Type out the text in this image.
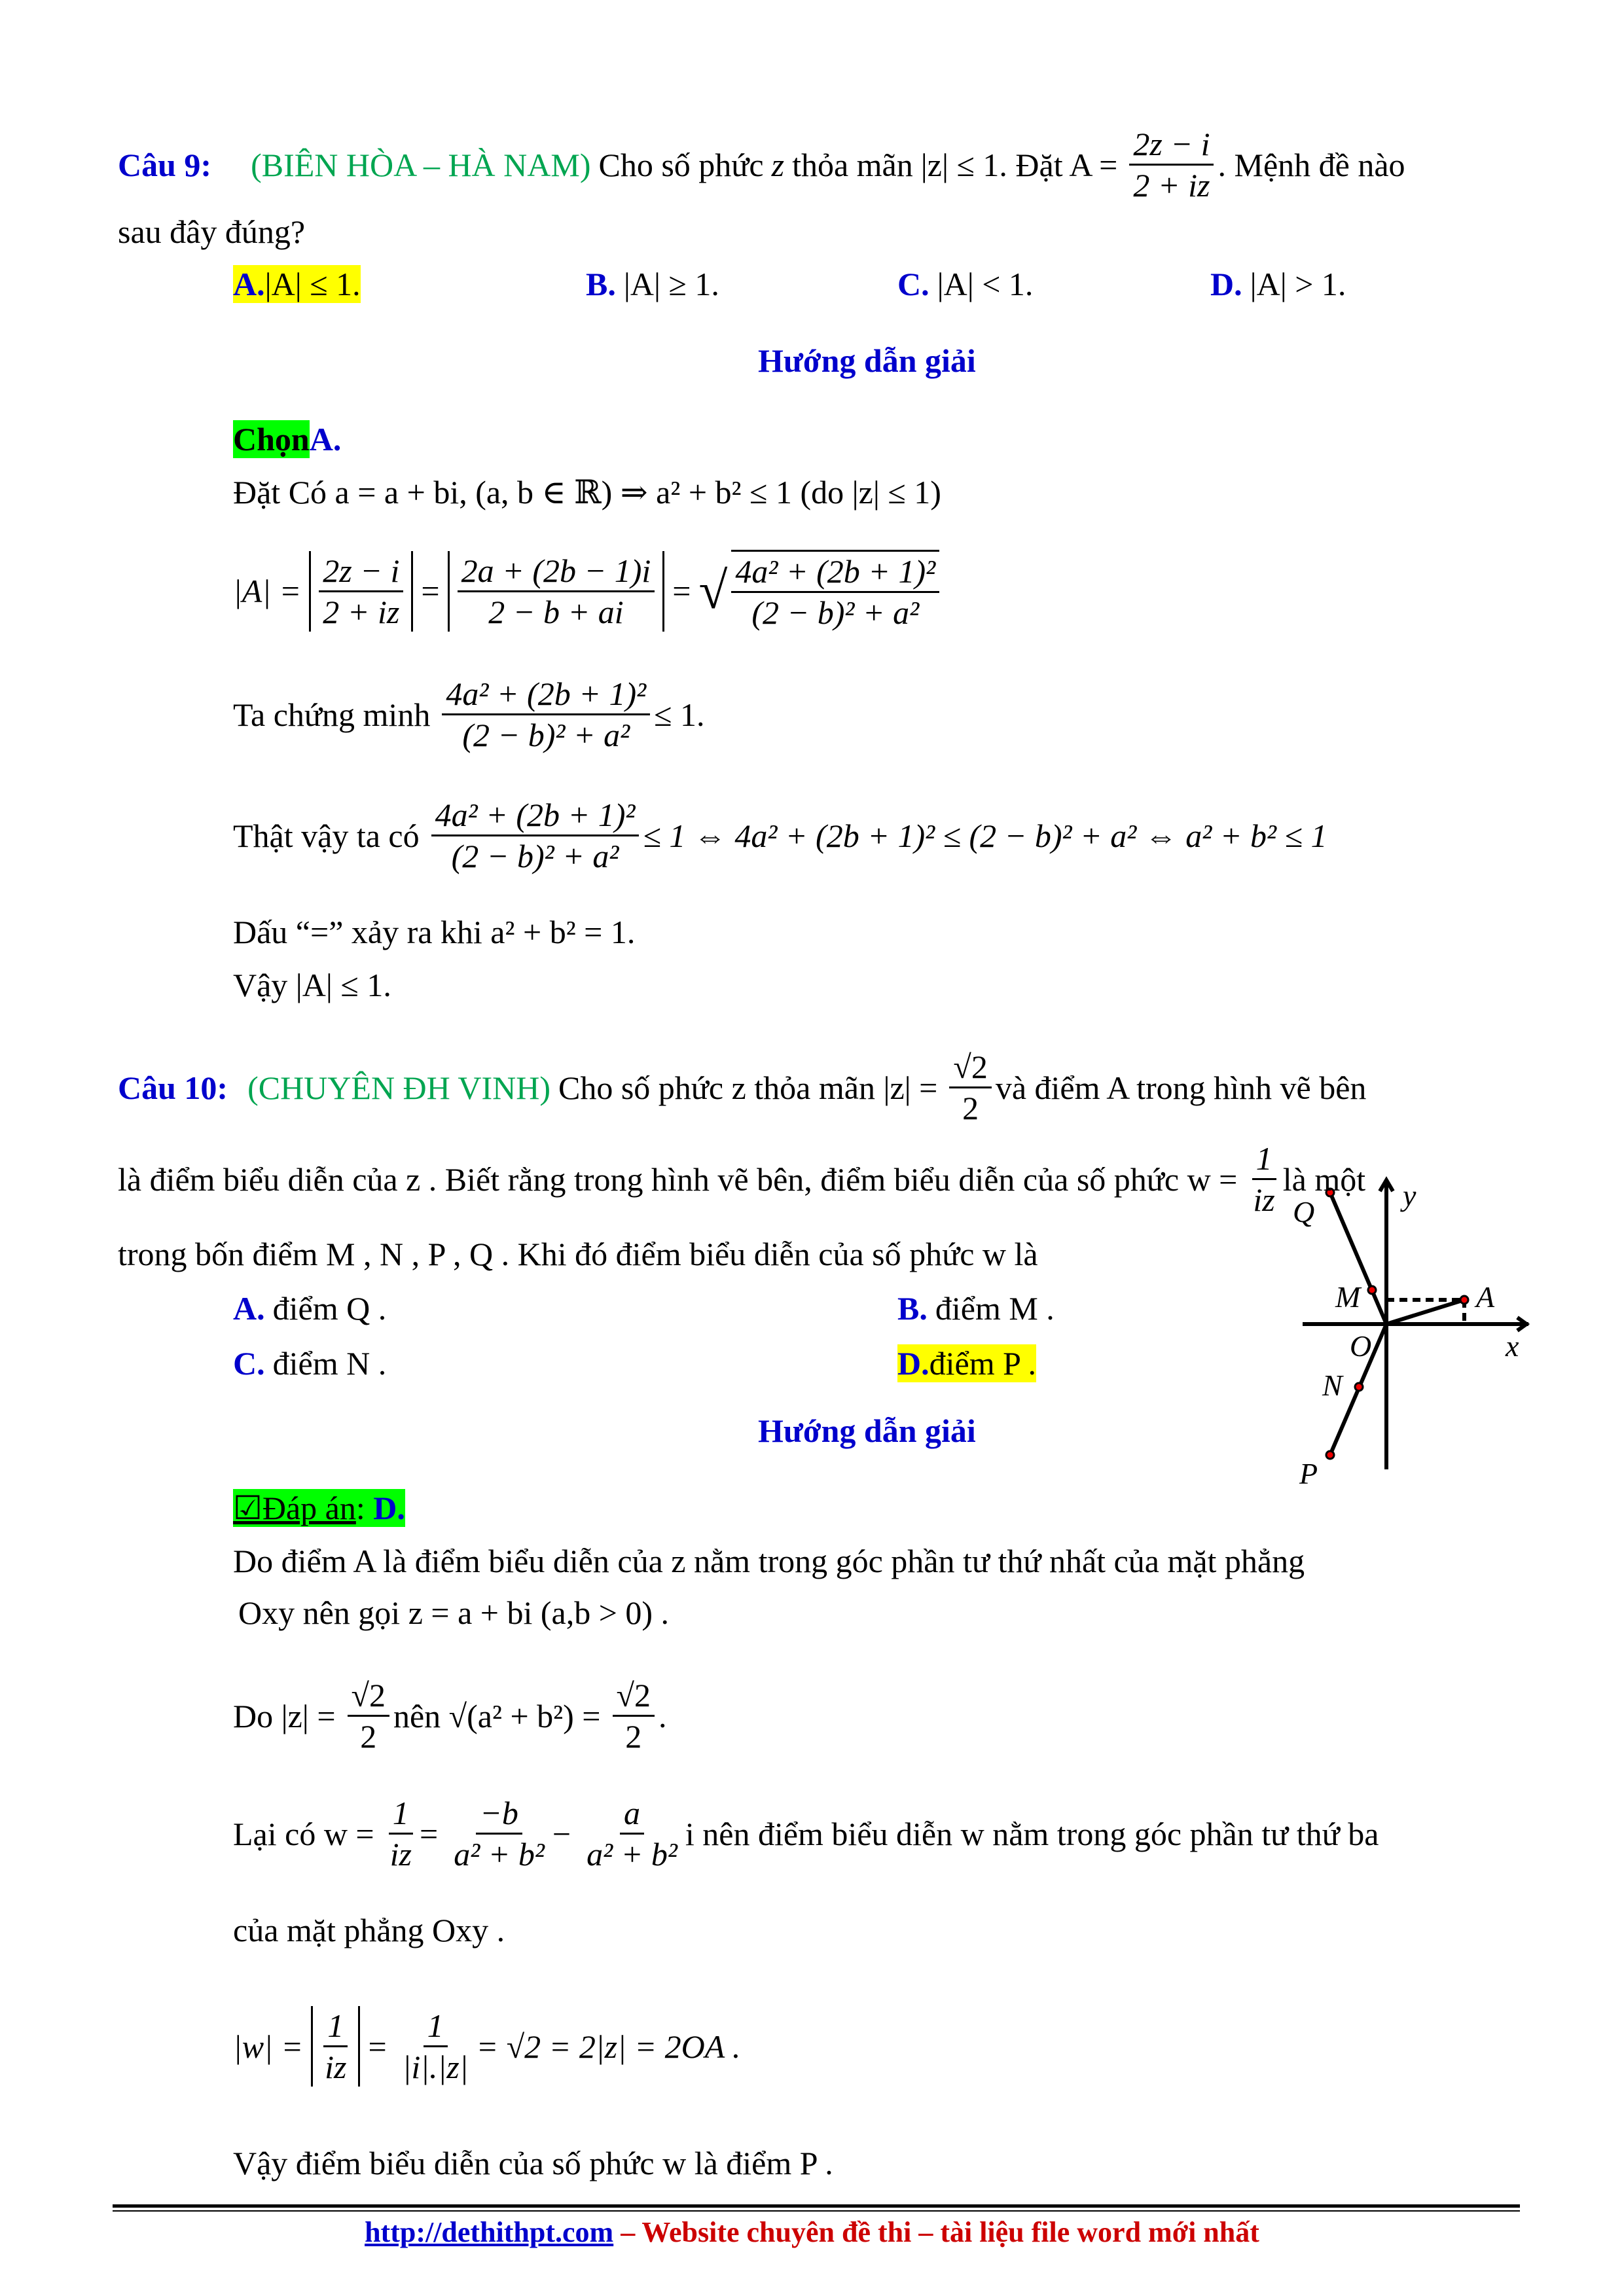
Q
M	A
O
N
P
x
y
Câu 9: (BIÊN HÒA – HÀ NAM) Cho số phức z thỏa mãn |z| ≤ 1. Đặt $A = \frac{2z - i}{2 + iz}$ . Mệnh đề nào
sau đây đúng?
A.|A| ≤ 1.	B. |A| ≥ 1.	C. |A| < 1.	D. |A| > 1.
Hướng dẫn giải
Chọn A.
Đặt Có a = a + bi, (a, b ∈ ℝ) ⇒ a² + b² ≤ 1 (do |z| ≤ 1)
$|A| = \frac{2z - i}{2 + iz} = \frac{2a + (2b - 1)i}{2 - b + ai}$ = √ $\frac{\text{4a² + (2b + 1)²}}{\text{(2 − b)² + a²}}$
Ta chứng minh $\frac{\text{4a² + (2b + 1)²}}{\text{(2 − b)² + a²}} \le 1$.
Thật vậy ta có $\frac{\text{4a² + (2b + 1)²}}{\text{(2 − b)² + a²}} \le 1$ ⇔ 4a² + (2b + 1)² ≤ (2 − b)² + a² ⇔ a² + b² ≤ 1
Dấu “=” xảy ra khi a² + b² = 1.
Vậy |A| ≤ 1.
Câu 10: (CHUYÊN ĐH VINH) Cho số phức z thỏa mãn $|z| = \frac{√2}{2}$ và điểm A trong hình vẽ bên
là điểm biểu diễn của z . Biết rằng trong hình vẽ bên, điểm biểu diễn của số phức $w = \frac{1}{iz}$ là một
trong bốn điểm M , N , P , Q . Khi đó điểm biểu diễn của số phức w là
A. điểm Q .	B. điểm M .
C. điểm N .	D.điểm P .
Hướng dẫn giải
☑Đáp án: D.
Do điểm A là điểm biểu diễn của z nằm trong góc phần tư thứ nhất của mặt phẳng
Oxy nên gọi z = a + bi (a,b > 0) .
Do $|z| = \frac{√2}{2}$ nên $√(a^2 + b^2) = \frac{√2}{2}$ .
Lại có $w = \frac{1}{iz} = \frac{-b}{\text{a² + b²}} - \frac{a}{\text{a² + b²}}$ i nên điểm biểu diễn w nằm trong góc phần tư thứ ba
của mặt phẳng Oxy .
$|w| = \frac{1}{iz} = \frac{1}{|i|.|z|} = √2 = 2|z| = 2OA$ .
Vậy điểm biểu diễn của số phức w là điểm P .
http://dethithpt.com – Website chuyên đề thi – tài liệu file word mới nhất
